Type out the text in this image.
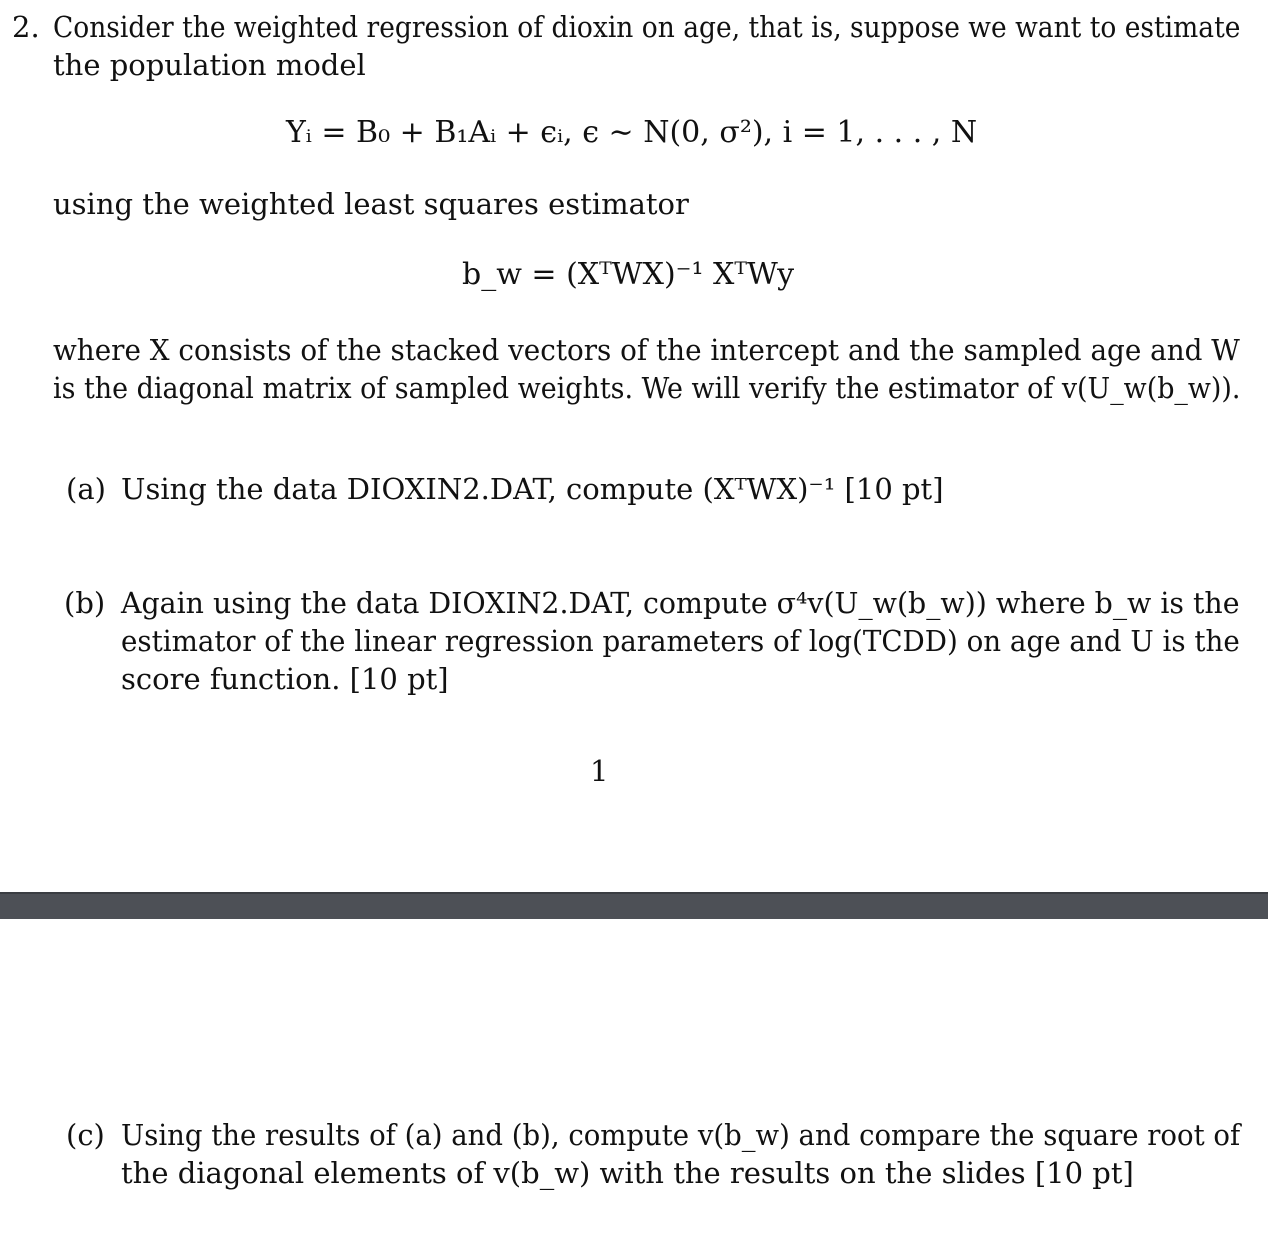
2. Consider the weighted regression of dioxin on age, that is, suppose we want to estimate
the population model
Yᵢ = B₀ + B₁Aᵢ + ϵᵢ, ϵ ∼ N(0, σ²), i = 1, . . . , N
using the weighted least squares estimator
b_w = (XᵀWX)⁻¹ XᵀWy
where X consists of the stacked vectors of the intercept and the sampled age and W
is the diagonal matrix of sampled weights. We will verify the estimator of v(U_w(b_w)).
(a) Using the data DIOXIN2.DAT, compute (XᵀWX)⁻¹ [10 pt]
(b) Again using the data DIOXIN2.DAT, compute σ⁴v(U_w(b_w)) where b_w is the
estimator of the linear regression parameters of log(TCDD) on age and U is the
score function. [10 pt]
1
(c) Using the results of (a) and (b), compute v(b_w) and compare the square root of
the diagonal elements of v(b_w) with the results on the slides [10 pt]
